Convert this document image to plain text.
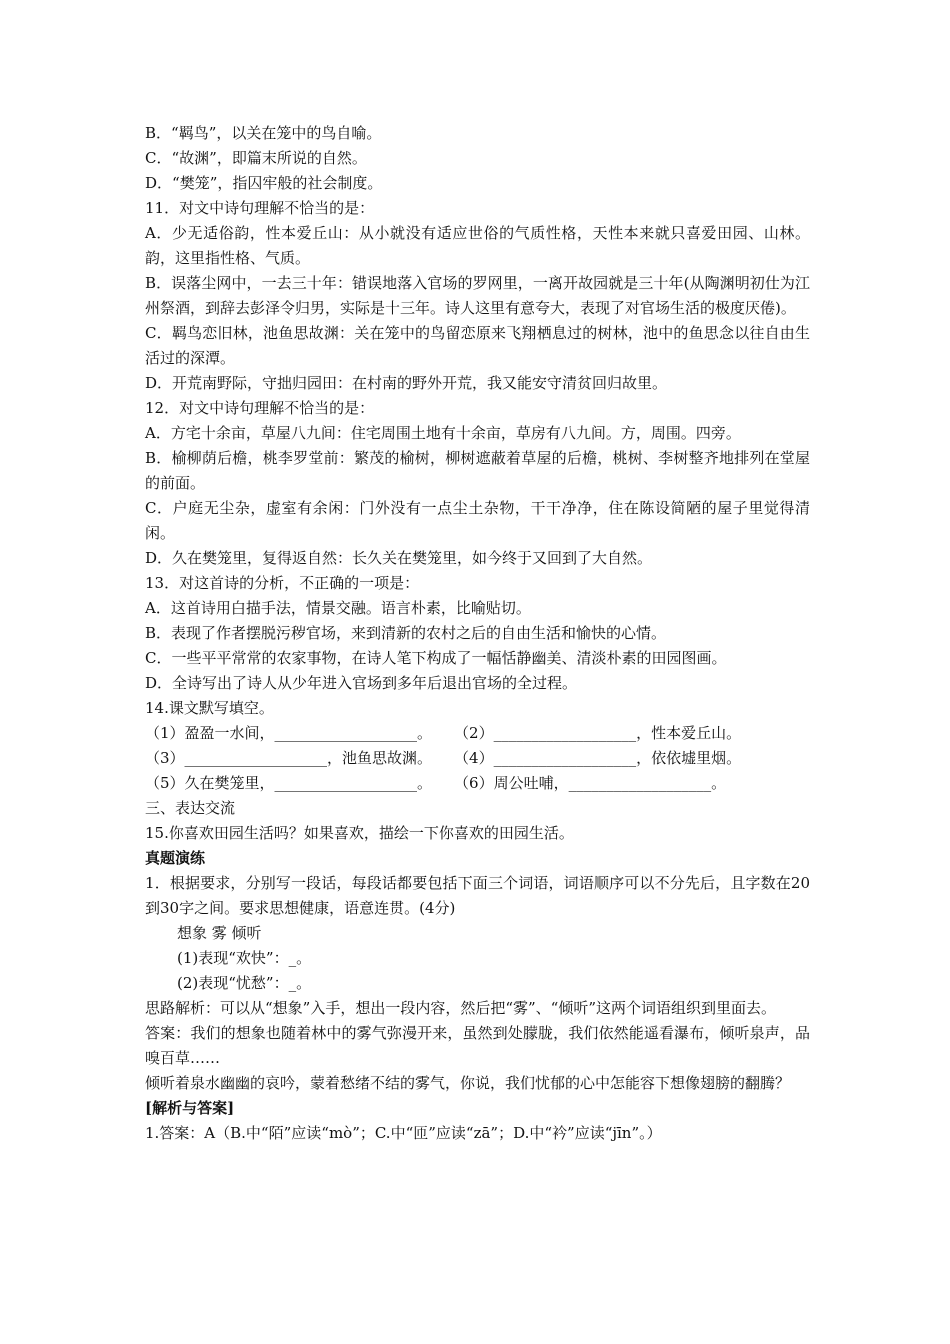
B．“羁鸟”，以关在笼中的鸟自喻。

C．“故渊”，即篇末所说的自然。

D．“樊笼”，指囚牢般的社会制度。

11．对文中诗句理解不恰当的是：

A．少无适俗韵，性本爱丘山：从小就没有适应世俗的气质性格，天性本来就只喜爱田园、山林。韵，这里指性格、气质。

B．误落尘网中，一去三十年：错误地落入官场的罗网里，一离开故园就是三十年(从陶渊明初仕为江州祭酒，到辞去彭泽令归男，实际是十三年。诗人这里有意夸大，表现了对官场生活的极度厌倦)。

C．羁鸟恋旧林，池鱼思故渊：关在笼中的鸟留恋原来飞翔栖息过的树林，池中的鱼思念以往自由生活过的深潭。

D．开荒南野际，守拙归园田：在村南的野外开荒，我又能安守清贫回归故里。

12．对文中诗句理解不恰当的是：

A．方宅十余亩，草屋八九间：住宅周围土地有十余亩，草房有八九间。方，周围。四旁。

B．榆柳荫后檐，桃李罗堂前：繁茂的榆树，柳树遮蔽着草屋的后檐，桃树、李树整齐地排列在堂屋的前面。

C．户庭无尘杂，虚室有余闲：门外没有一点尘土杂物，干干净净，住在陈设简陋的屋子里觉得清闲。

D．久在樊笼里，复得返自然：长久关在樊笼里，如今终于又回到了大自然。

13．对这首诗的分析，不正确的一项是：

A．这首诗用白描手法，情景交融。语言朴素，比喻贴切。

B．表现了作者摆脱污秽官场，来到清新的农村之后的自由生活和愉快的心情。

C．一些平平常常的农家事物，在诗人笔下构成了一幅恬静幽美、清淡朴素的田园图画。

D．全诗写出了诗人从少年进入官场到多年后退出官场的全过程。

14.课文默写填空。

（1）盈盈一水间，___________________。 （2）___________________，性本爱丘山。
（3）___________________，池鱼思故渊。 （4）___________________，依依墟里烟。
（5）久在樊笼里，___________________。 （6）周公吐哺，___________________。

三、表达交流

15.你喜欢田园生活吗？如果喜欢，描绘一下你喜欢的田园生活。

真题演练

1．根据要求，分别写一段话，每段话都要包括下面三个词语，词语顺序可以不分先后，且字数在20到30字之间。要求思想健康，语意连贯。(4分)

想象 雾 倾听

(1)表现“欢快”：_。

(2)表现“忧愁”：_。

思路解析：可以从“想象”入手，想出一段内容，然后把“雾”、“倾听”这两个词语组织到里面去。

答案：我们的想象也随着林中的雾气弥漫开来，虽然到处朦胧，我们依然能遥看瀑布，倾听泉声，品嗅百草……

倾听着泉水幽幽的哀吟，蒙着愁绪不结的雾气，你说，我们忧郁的心中怎能容下想像翅膀的翻腾？

[解析与答案]

1.答案：A（B.中“陌”应读“mò”；C.中“匝”应读“zā”；D.中“衿”应读“jīn”。）
